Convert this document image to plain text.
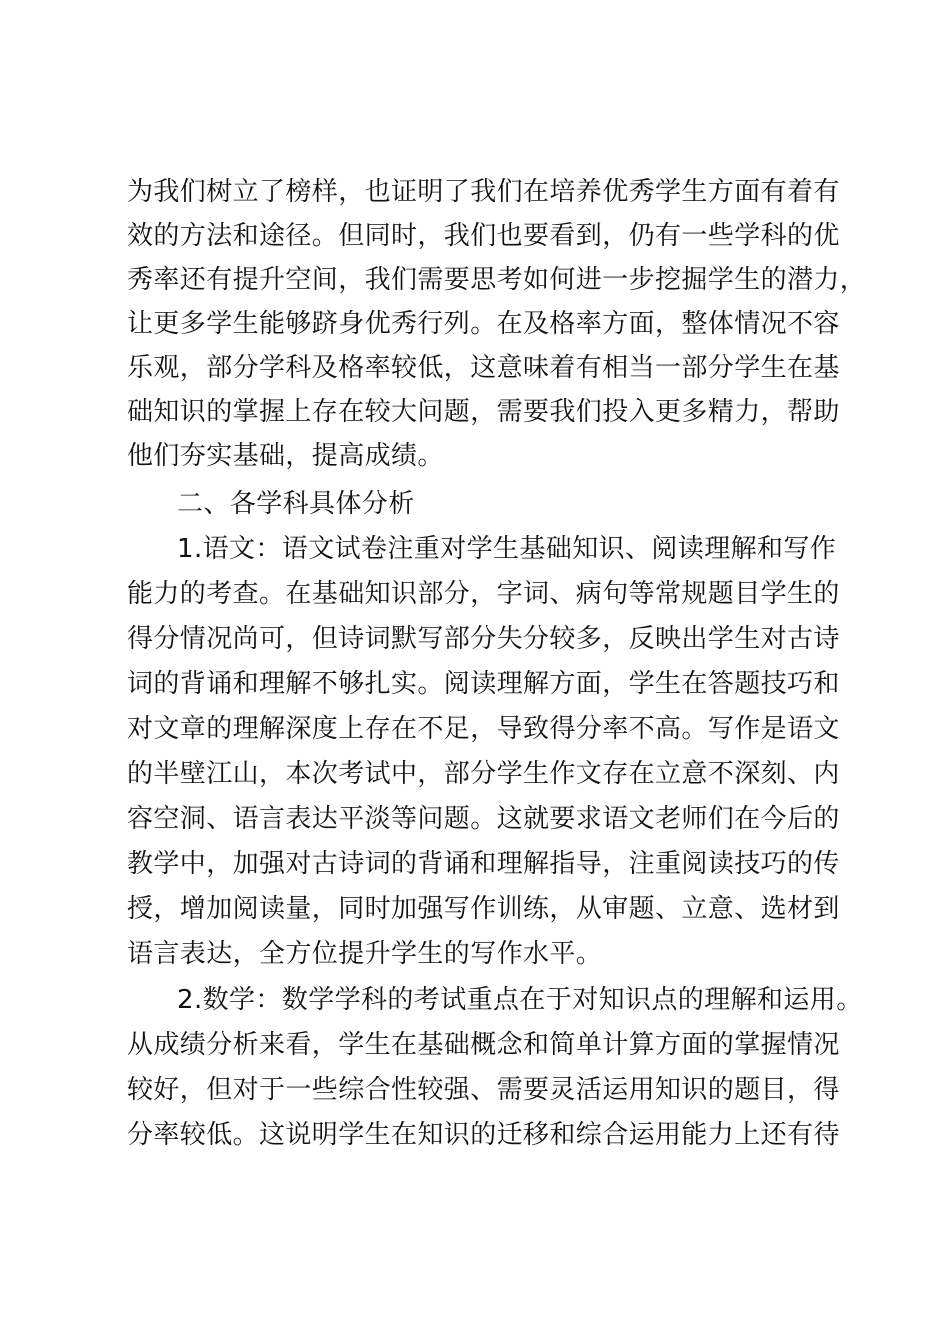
为我们树立了榜样，也证明了我们在培养优秀学生方面有着有
效的方法和途径。但同时，我们也要看到，仍有一些学科的优
秀率还有提升空间，我们需要思考如何进一步挖掘学生的潜力，
让更多学生能够跻身优秀行列。在及格率方面，整体情况不容
乐观，部分学科及格率较低，这意味着有相当一部分学生在基
础知识的掌握上存在较大问题，需要我们投入更多精力，帮助
他们夯实基础，提高成绩。
二、各学科具体分析
1.语文：语文试卷注重对学生基础知识、阅读理解和写作
能力的考查。在基础知识部分，字词、病句等常规题目学生的
得分情况尚可，但诗词默写部分失分较多，反映出学生对古诗
词的背诵和理解不够扎实。阅读理解方面，学生在答题技巧和
对文章的理解深度上存在不足，导致得分率不高。写作是语文
的半壁江山，本次考试中，部分学生作文存在立意不深刻、内
容空洞、语言表达平淡等问题。这就要求语文老师们在今后的
教学中，加强对古诗词的背诵和理解指导，注重阅读技巧的传
授，增加阅读量，同时加强写作训练，从审题、立意、选材到
语言表达，全方位提升学生的写作水平。
2.数学：数学学科的考试重点在于对知识点的理解和运用。
从成绩分析来看，学生在基础概念和简单计算方面的掌握情况
较好，但对于一些综合性较强、需要灵活运用知识的题目，得
分率较低。这说明学生在知识的迁移和综合运用能力上还有待
